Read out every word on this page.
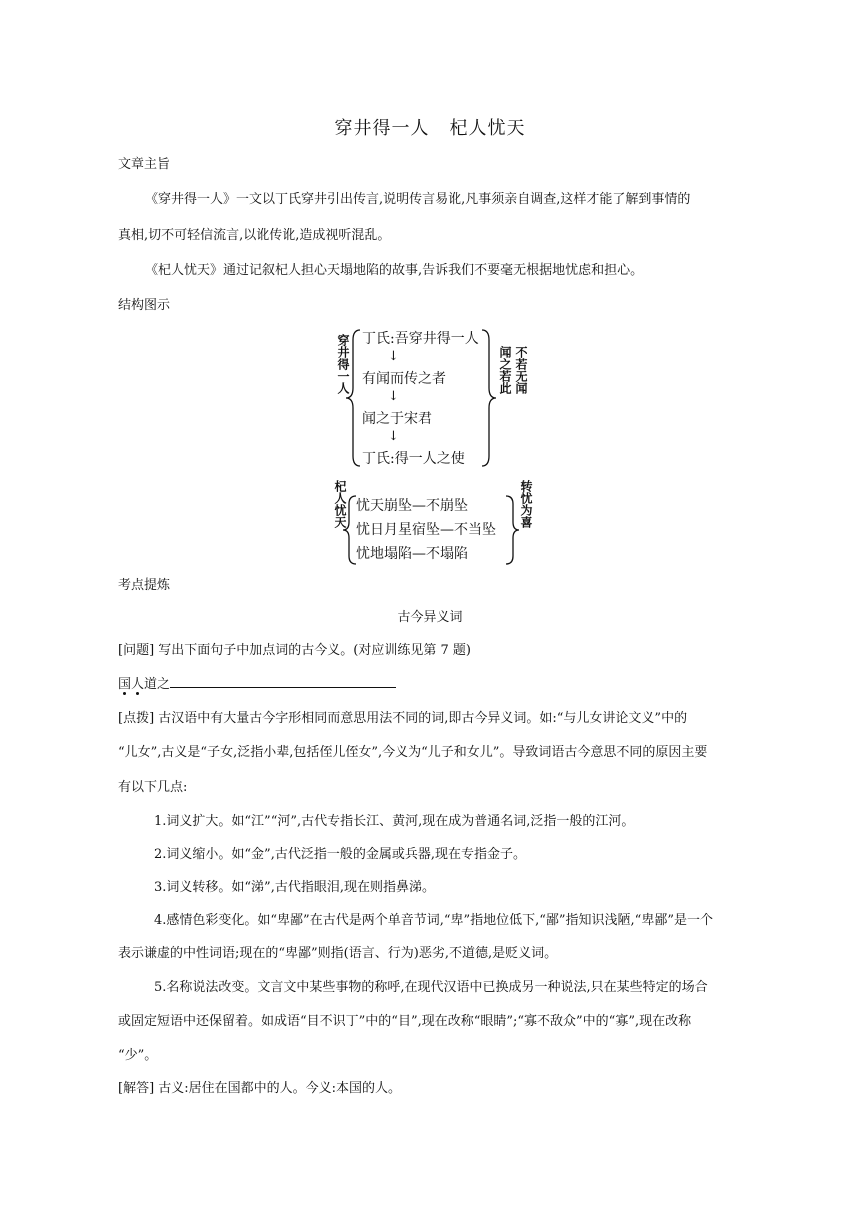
穿井得一人 杞人忧天
文章主旨
《穿井得一人》一文以丁氏穿井引出传言,说明传言易讹,凡事须亲自调查,这样才能了解到事情的
真相,切不可轻信流言,以讹传讹,造成视听混乱。
《杞人忧天》通过记叙杞人担心天塌地陷的故事,告诉我们不要毫无根据地忧虑和担心。
结构图示
穿井得一人 丁氏:吾穿井得一人
↓
有闻而传之者
↓
闻之于宋君
↓
丁氏:得一人之使
闻之若此 不若无闻
杞人忧天 忧天崩坠—不崩坠
忧日月星宿坠—不当坠
忧地塌陷—不塌陷
转忧为喜
考点提炼
古今异义词
[问题] 写出下面句子中加点词的古今义。(对应训练见第 7 题)
国人道之
[点拨] 古汉语中有大量古今字形相同而意思用法不同的词,即古今异义词。如:“与儿女讲论文义”中的
“儿女”,古义是“子女,泛指小辈,包括侄儿侄女”,今义为“儿子和女儿”。导致词语古今意思不同的原因主要
有以下几点:
1.词义扩大。如“江”“河”,古代专指长江、黄河,现在成为普通名词,泛指一般的江河。
2.词义缩小。如“金”,古代泛指一般的金属或兵器,现在专指金子。
3.词义转移。如“涕”,古代指眼泪,现在则指鼻涕。
4.感情色彩变化。如“卑鄙”在古代是两个单音节词,“卑”指地位低下,“鄙”指知识浅陋,“卑鄙”是一个
表示谦虚的中性词语;现在的“卑鄙”则指(语言、行为)恶劣,不道德,是贬义词。
5.名称说法改变。文言文中某些事物的称呼,在现代汉语中已换成另一种说法,只在某些特定的场合
或固定短语中还保留着。如成语“目不识丁”中的“目”,现在改称“眼睛”;“寡不敌众”中的“寡”,现在改称
“少”。
[解答] 古义:居住在国都中的人。今义:本国的人。
